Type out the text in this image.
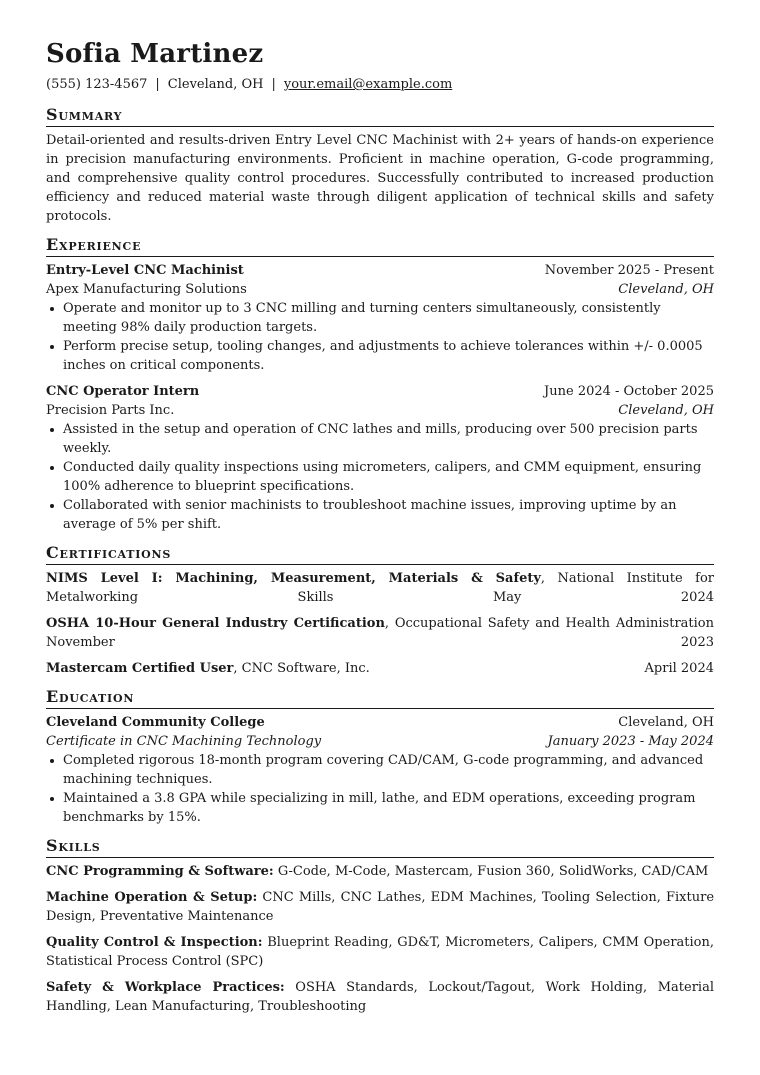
Sofia Martinez
(555) 123-4567 | Cleveland, OH | your.email@example.com
Summary
Detail-oriented and results-driven Entry Level CNC Machinist with 2+ years of hands-on experience in precision manufacturing environments. Proficient in machine operation, G-code programming, and comprehensive quality control procedures. Successfully contributed to increased production efficiency and reduced material waste through diligent application of technical skills and safety protocols.
Experience
Entry-Level CNC Machinist	November 2025 - Present
Apex Manufacturing Solutions	Cleveland, OH
Operate and monitor up to 3 CNC milling and turning centers simultaneously, consistently meeting 98% daily production targets.
Perform precise setup, tooling changes, and adjustments to achieve tolerances within +/- 0.0005 inches on critical components.
CNC Operator Intern	June 2024 - October 2025
Precision Parts Inc.	Cleveland, OH
Assisted in the setup and operation of CNC lathes and mills, producing over 500 precision parts weekly.
Conducted daily quality inspections using micrometers, calipers, and CMM equipment, ensuring 100% adherence to blueprint specifications.
Collaborated with senior machinists to troubleshoot machine issues, improving uptime by an average of 5% per shift.
Certifications
NIMS Level I: Machining, Measurement, Materials & Safety, National Institute for Metalworking Skills	May 2024
OSHA 10-Hour General Industry Certification, Occupational Safety and Health Administration November 2023
Mastercam Certified User, CNC Software, Inc.	April 2024
Education
Cleveland Community College	Cleveland, OH
Certificate in CNC Machining Technology	January 2023 - May 2024
Completed rigorous 18-month program covering CAD/CAM, G-code programming, and advanced machining techniques.
Maintained a 3.8 GPA while specializing in mill, lathe, and EDM operations, exceeding program benchmarks by 15%.
Skills
CNC Programming & Software: G-Code, M-Code, Mastercam, Fusion 360, SolidWorks, CAD/CAM
Machine Operation & Setup: CNC Mills, CNC Lathes, EDM Machines, Tooling Selection, Fixture Design, Preventative Maintenance
Quality Control & Inspection: Blueprint Reading, GD&T, Micrometers, Calipers, CMM Operation, Statistical Process Control (SPC)
Safety & Workplace Practices: OSHA Standards, Lockout/Tagout, Work Holding, Material Handling, Lean Manufacturing, Troubleshooting
